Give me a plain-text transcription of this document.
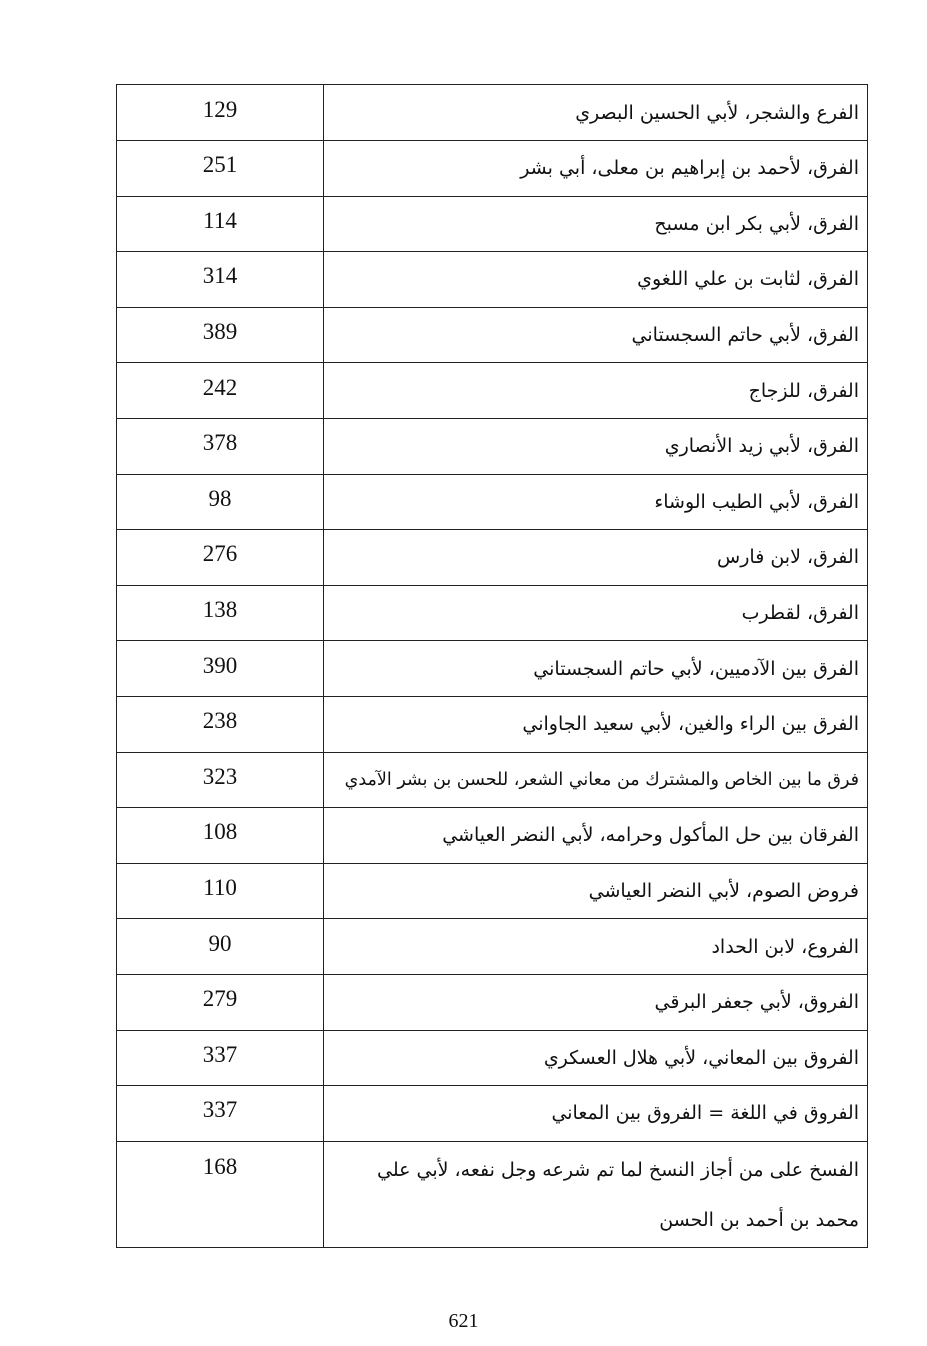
129	الفرع والشجر، لأبي الحسين البصري
251	الفرق، لأحمد بن إبراهيم بن معلى، أبي بشر
114	الفرق، لأبي بكر ابن مسبح
314	الفرق، لثابت بن علي اللغوي
389	الفرق، لأبي حاتم السجستاني
242	الفرق، للزجاج
378	الفرق، لأبي زيد الأنصاري
98	الفرق، لأبي الطيب الوشاء
276	الفرق، لابن فارس
138	الفرق، لقطرب
390	الفرق بين الآدميين، لأبي حاتم السجستاني
238	الفرق بين الراء والغين، لأبي سعيد الجاواني
323	فرق ما بين الخاص والمشترك من معاني الشعر، للحسن بن بشر الآمدي
108	الفرقان بين حل المأكول وحرامه، لأبي النضر العياشي
110	فروض الصوم، لأبي النضر العياشي
90	الفروع، لابن الحداد
279	الفروق، لأبي جعفر البرقي
337	الفروق بين المعاني، لأبي هلال العسكري
337	الفروق في اللغة = الفروق بين المعاني
168	الفسخ على من أجاز النسخ لما تم شرعه وجل نفعه، لأبي علي محمد بن أحمد بن الحسن
621
